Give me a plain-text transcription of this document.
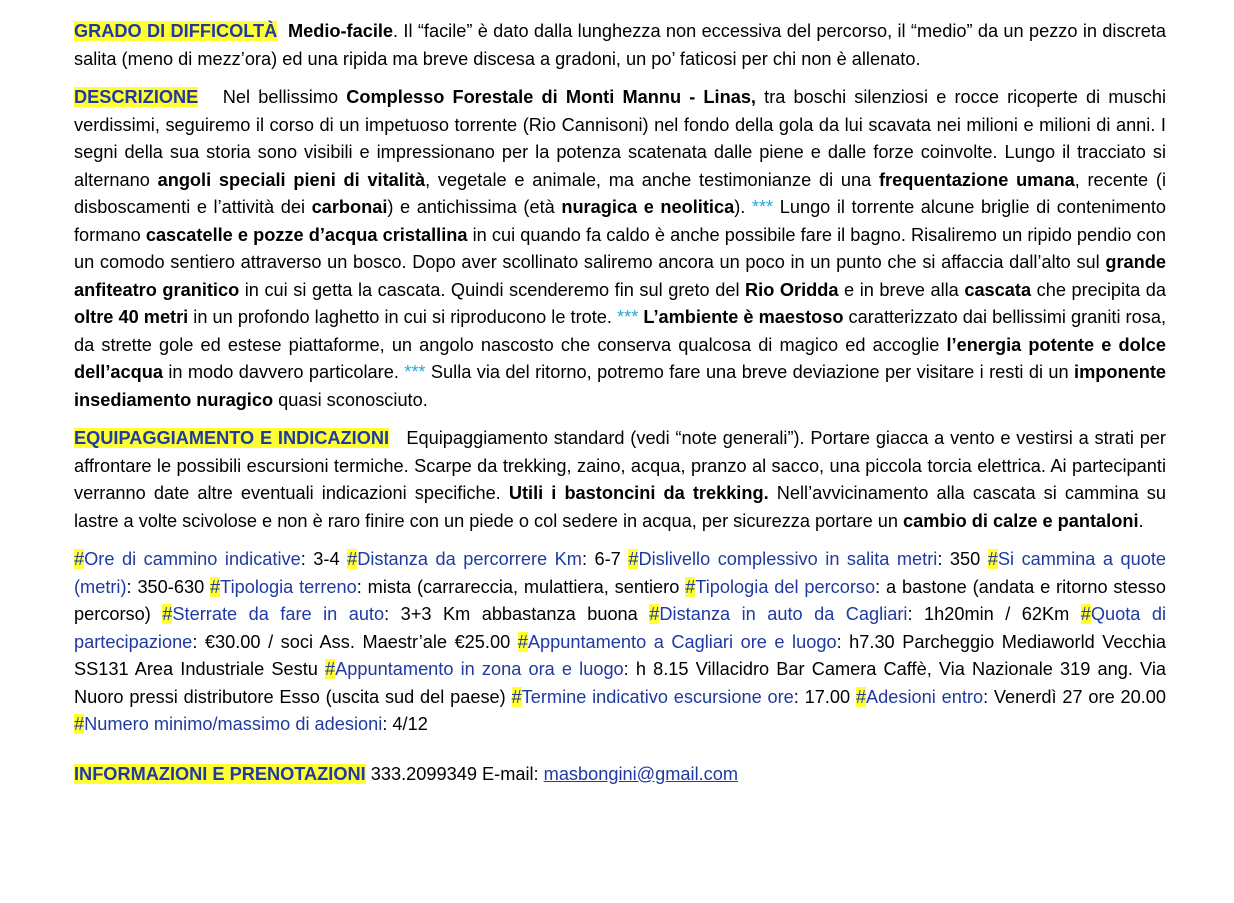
GRADO DI DIFFICOLTÀ Medio-facile. Il “facile” è dato dalla lunghezza non eccessiva del percorso, il “medio” da un pezzo in discreta salita (meno di mezz’ora) ed una ripida ma breve discesa a gradoni, un po’ faticosi per chi non è allenato.

DESCRIZIONE Nel bellissimo Complesso Forestale di Monti Mannu - Linas, tra boschi silenziosi e rocce ricoperte di muschi verdissimi, seguiremo il corso di un impetuoso torrente (Rio Cannisoni) nel fondo della gola da lui scavata nei milioni e milioni di anni. I segni della sua storia sono visibili e impressionano per la potenza scatenata dalle piene e dalle forze coinvolte. Lungo il tracciato si alternano angoli speciali pieni di vitalità, vegetale e animale, ma anche testimonianze di una frequentazione umana, recente (i disboscamenti e l’attività dei carbonai) e antichissima (età nuragica e neolitica). *** Lungo il torrente alcune briglie di contenimento formano cascatelle e pozze d’acqua cristallina in cui quando fa caldo è anche possibile fare il bagno. Risaliremo un ripido pendio con un comodo sentiero attraverso un bosco. Dopo aver scollinato saliremo ancora un poco in un punto che si affaccia dall’alto sul grande anfiteatro granitico in cui si getta la cascata. Quindi scenderemo fin sul greto del Rio Oridda e in breve alla cascata che precipita da oltre 40 metri in un profondo laghetto in cui si riproducono le trote. *** L’ambiente è maestoso caratterizzato dai bellissimi graniti rosa, da strette gole ed estese piattaforme, un angolo nascosto che conserva qualcosa di magico ed accoglie l’energia potente e dolce dell’acqua in modo davvero particolare. *** Sulla via del ritorno, potremo fare una breve deviazione per visitare i resti di un imponente insediamento nuragico quasi sconosciuto.

EQUIPAGGIAMENTO E INDICAZIONI Equipaggiamento standard (vedi “note generali”). Portare giacca a vento e vestirsi a strati per affrontare le possibili escursioni termiche. Scarpe da trekking, zaino, acqua, pranzo al sacco, una piccola torcia elettrica. Ai partecipanti verranno date altre eventuali indicazioni specifiche. Utili i bastoncini da trekking. Nell’avvicinamento alla cascata si cammina su lastre a volte scivolose e non è raro finire con un piede o col sedere in acqua, per sicurezza portare un cambio di calze e pantaloni.

#Ore di cammino indicative: 3-4 #Distanza da percorrere Km: 6-7 #Dislivello complessivo in salita metri: 350 #Si cammina a quote (metri): 350-630 #Tipologia terreno: mista (carrareccia, mulattiera, sentiero #Tipologia del percorso: a bastone (andata e ritorno stesso percorso) #Sterrate da fare in auto: 3+3 Km abbastanza buona #Distanza in auto da Cagliari: 1h20min / 62Km #Quota di partecipazione: €30.00 / soci Ass. Maestr’ale €25.00 #Appuntamento a Cagliari ore e luogo: h7.30 Parcheggio Mediaworld Vecchia SS131 Area Industriale Sestu #Appuntamento in zona ora e luogo: h 8.15 Villacidro Bar Camera Caffè, Via Nazionale 319 ang. Via Nuoro pressi distributore Esso (uscita sud del paese) #Termine indicativo escursione ore: 17.00 #Adesioni entro: Venerdì 27 ore 20.00 #Numero minimo/massimo di adesioni: 4/12

INFORMAZIONI E PRENOTAZIONI 333.2099349 E-mail: masbongini@gmail.com
